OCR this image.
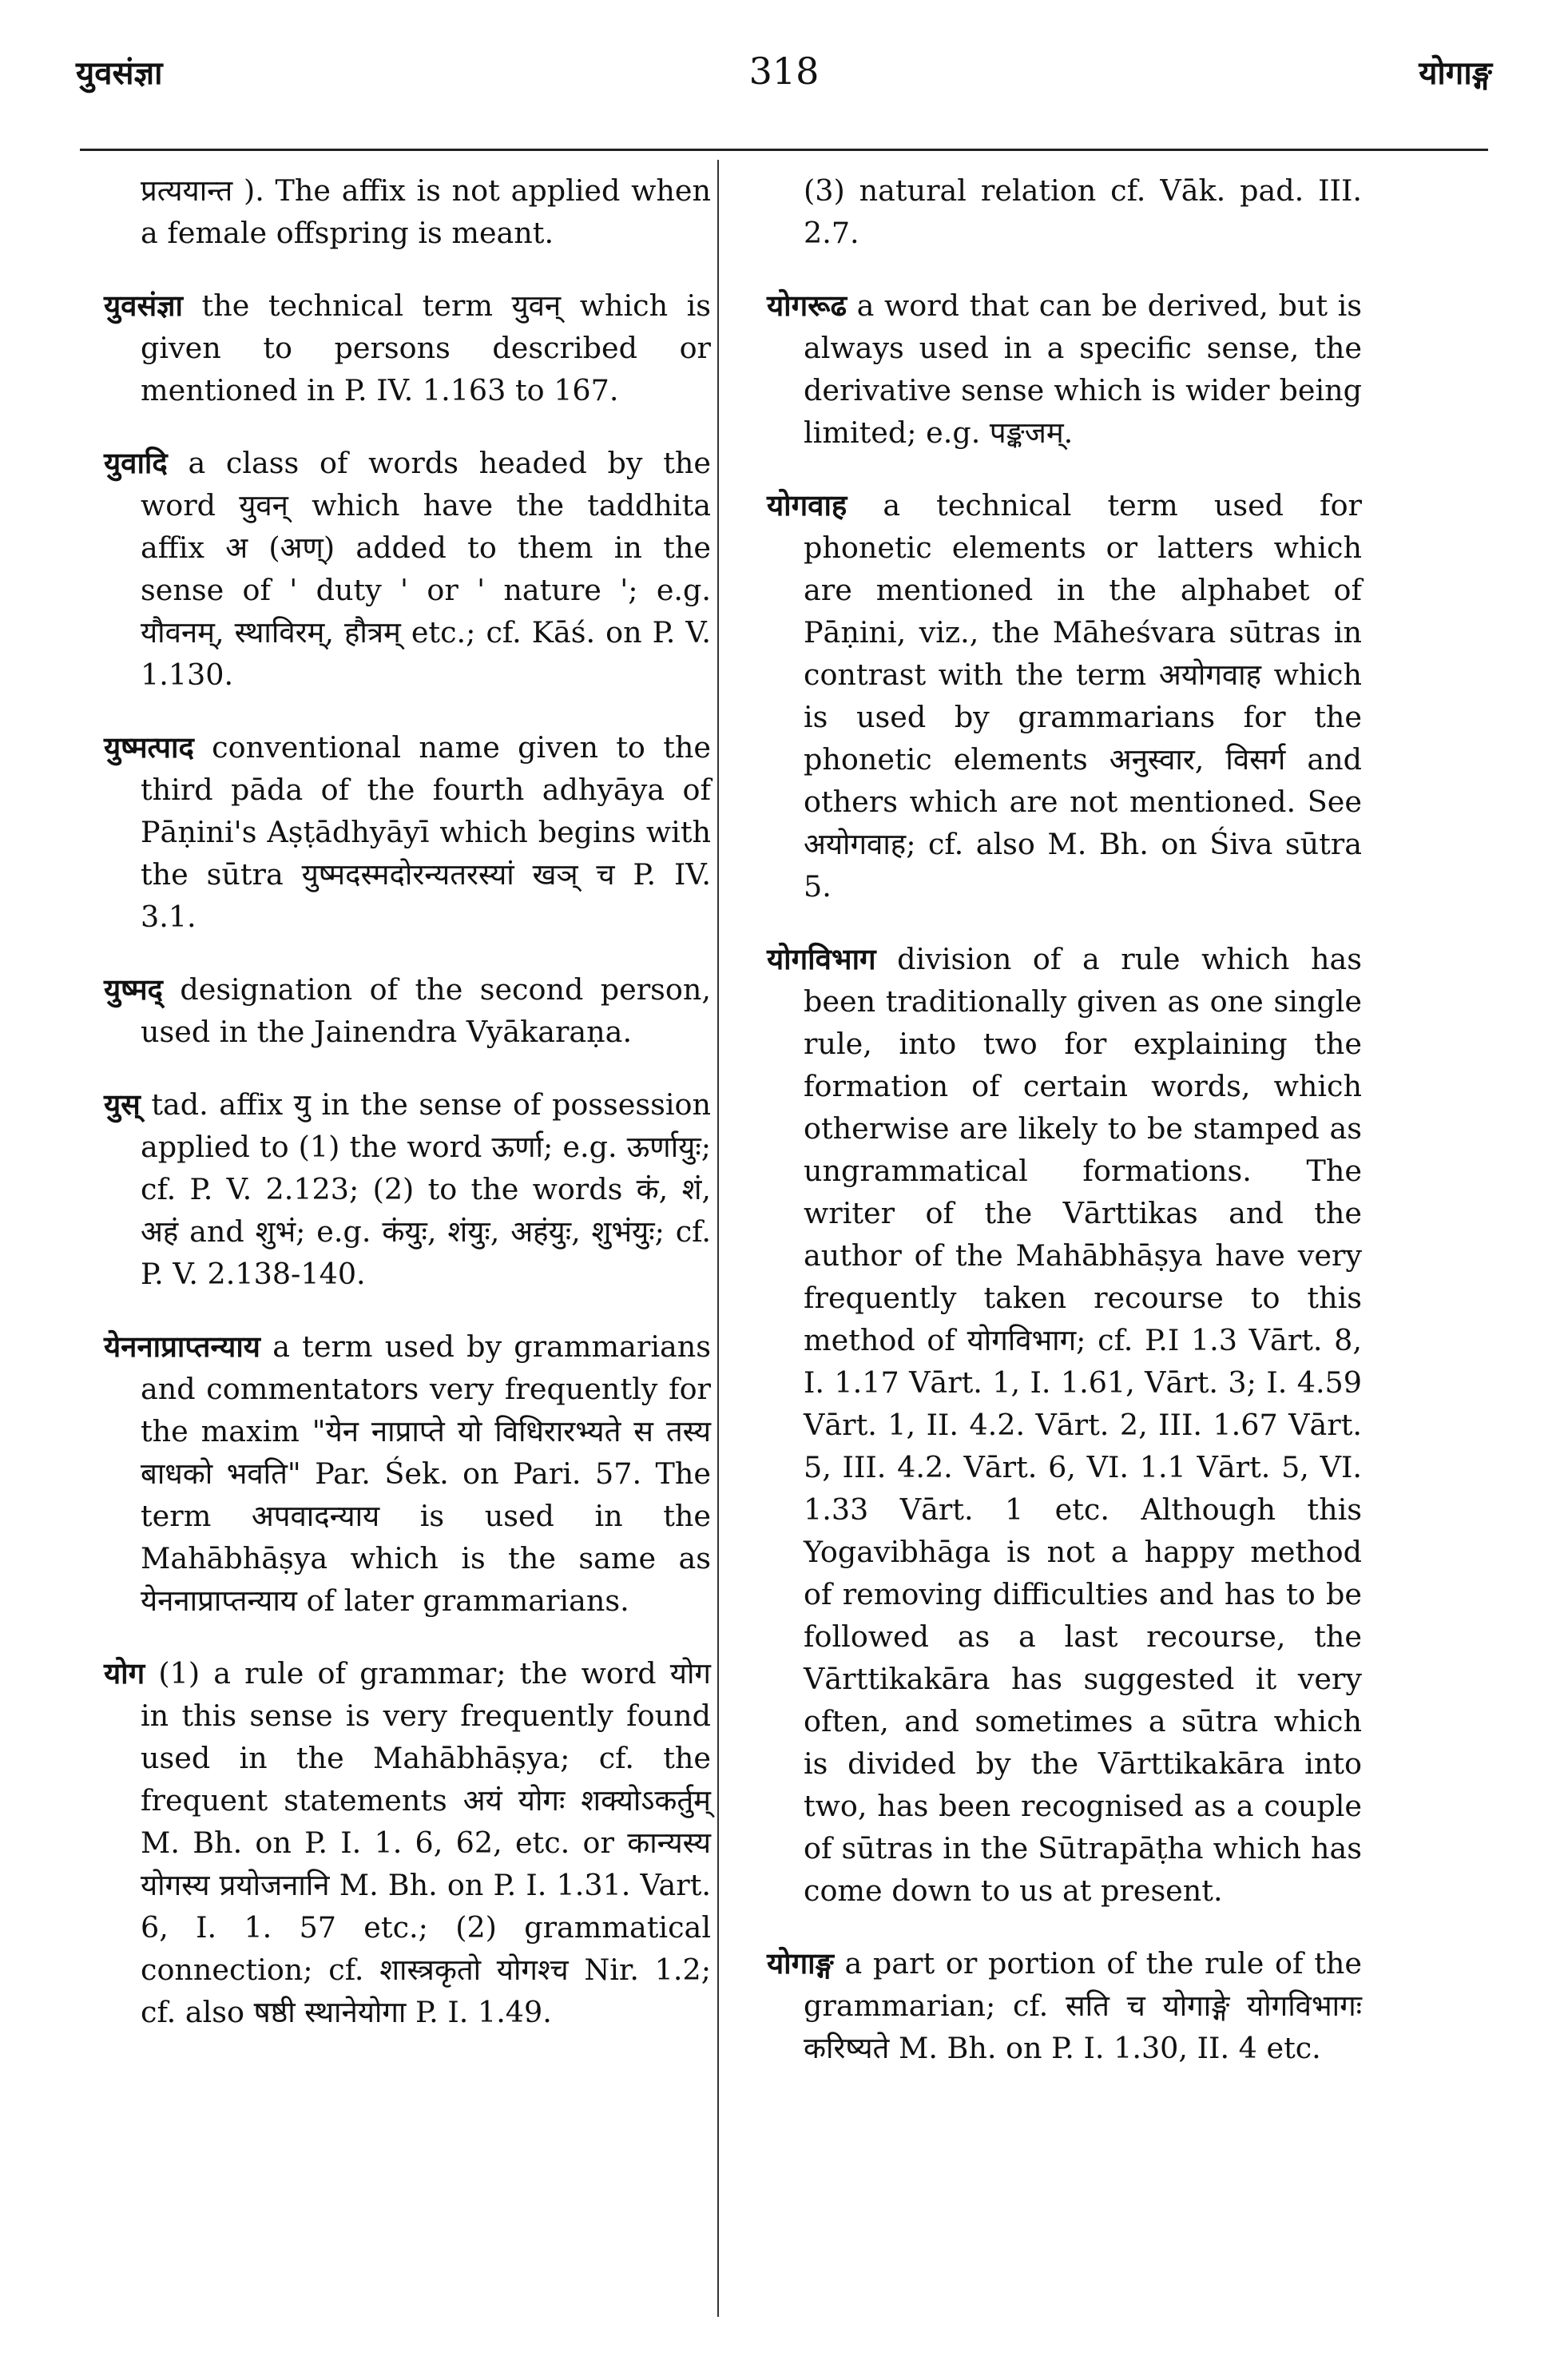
युवसंज्ञा	318	योगाङ्ग

प्रत्ययान्त ). The affix is not applied when a female offspring is meant.

युवसंज्ञा the technical term युवन् which is given to persons described or mentioned in P. IV. 1.163 to 167.

युवादि a class of words headed by the word युवन् which have the taddhita affix अ (अण्) added to them in the sense of ' duty ' or ' nature '; e.g. यौवनम्, स्थाविरम्, हौत्रम् etc.; cf. Kāś. on P. V. 1.130.

युष्मत्पाद conventional name given to the third pāda of the fourth adhyāya of Pāṇini's Aṣṭādhyāyī which begins with the sūtra युष्मदस्मदोरन्यतरस्यां खञ् च P. IV. 3.1.

युष्मद् designation of the second person, used in the Jainendra Vyākaraṇa.

युस् tad. affix यु in the sense of possession applied to (1) the word ऊर्णा; e.g. ऊर्णायुः; cf. P. V. 2.123; (2) to the words कं, शं, अहं and शुभं; e.g. कंयुः, शंयुः, अहंयुः, शुभंयुः; cf. P. V. 2.138-140.

येननाप्राप्तन्याय a term used by grammarians and commentators very frequently for the maxim "येन नाप्राप्ते यो विधिरारभ्यते स तस्य बाधको भवति" Par. Śek. on Pari. 57. The term अपवादन्याय is used in the Mahābhāṣya which is the same as येननाप्राप्तन्याय of later grammarians.

योग (1) a rule of grammar; the word योग in this sense is very frequently found used in the Mahābhāṣya; cf. the frequent statements अयं योगः शक्योऽकर्तुम् M. Bh. on P. I. 1. 6, 62, etc. or कान्यस्य योगस्य प्रयोजनानि M. Bh. on P. I. 1.31. Vart. 6, I. 1. 57 etc.; (2) grammatical connection; cf. शास्त्रकृतो योगश्च Nir. 1.2; cf. also षष्ठी स्थानेयोगा P. I. 1.49.

(3) natural relation cf. Vāk. pad. III. 2.7.

योगरूढ a word that can be derived, but is always used in a specific sense, the derivative sense which is wider being limited; e.g. पङ्कजम्.

योगवाह a technical term used for phonetic elements or latters which are mentioned in the alphabet of Pāṇini, viz., the Māheśvara sūtras in contrast with the term अयोगवाह which is used by grammarians for the phonetic elements अनुस्वार, विसर्ग and others which are not mentioned. See अयोगवाह; cf. also M. Bh. on Śiva sūtra 5.

योगविभाग division of a rule which has been traditionally given as one single rule, into two for explaining the formation of certain words, which otherwise are likely to be stamped as ungrammatical formations. The writer of the Vārttikas and the author of the Mahābhāṣya have very frequently taken recourse to this method of योगविभाग; cf. P.I 1.3 Vārt. 8, I. 1.17 Vārt. 1, I. 1.61, Vārt. 3; I. 4.59 Vārt. 1, II. 4.2. Vārt. 2, III. 1.67 Vārt. 5, III. 4.2. Vārt. 6, VI. 1.1 Vārt. 5, VI. 1.33 Vārt. 1 etc. Although this Yogavibhāga is not a happy method of removing difficulties and has to be followed as a last recourse, the Vārttikakāra has suggested it very often, and sometimes a sūtra which is divided by the Vārttikakāra into two, has been recognised as a couple of sūtras in the Sūtrapāṭha which has come down to us at present.

योगाङ्ग a part or portion of the rule of the grammarian; cf. सति च योगाङ्गे योगविभागः करिष्यते M. Bh. on P. I. 1.30, II. 4 etc.
